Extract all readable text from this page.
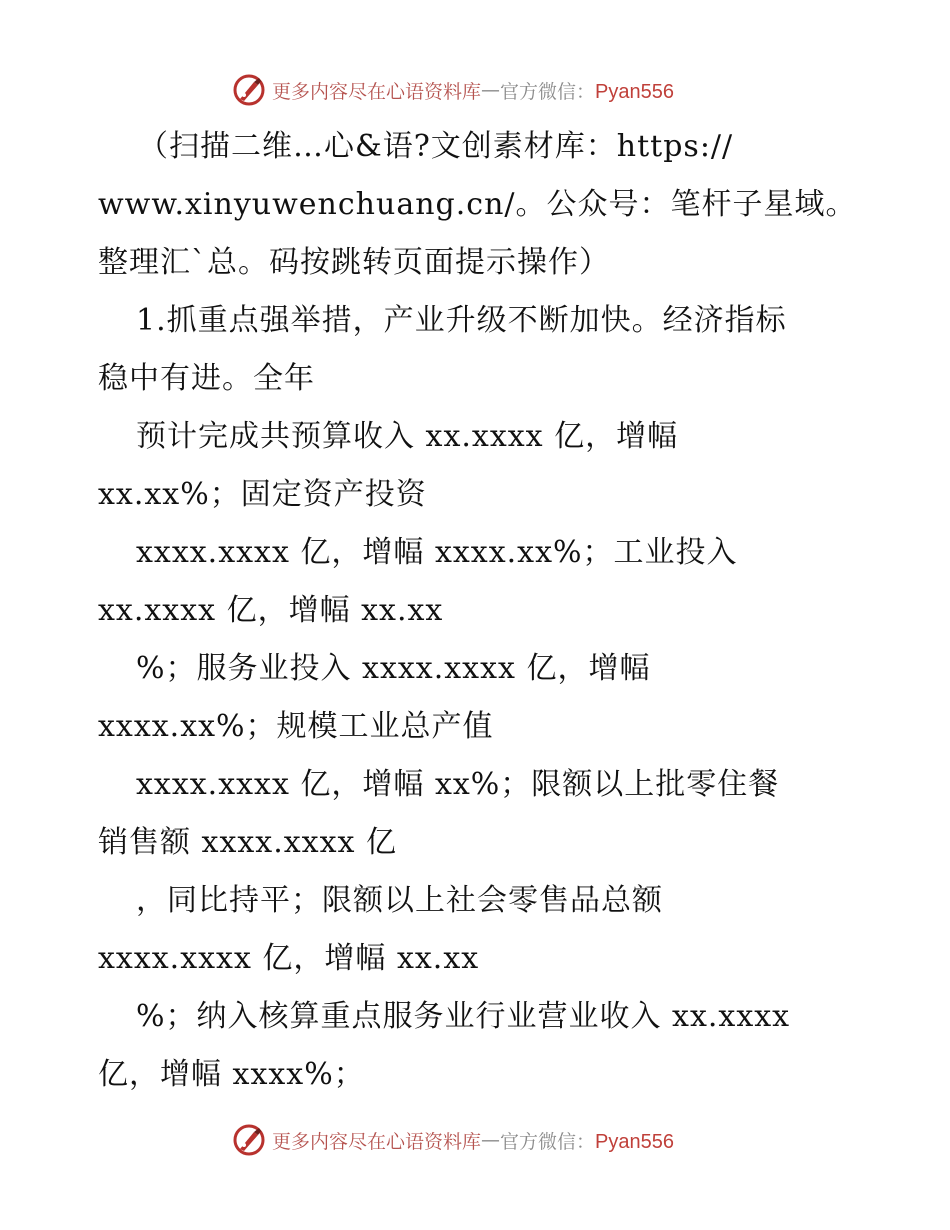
更多内容尽在心语资料库 — 官方微信：Pyan556
（扫描二维…心&语?文创素材库：https://
www.xinyuwenchuang.cn/。公众号：笔杆子星域。
整理汇`总。码按跳转页面提示操作）
1.抓重点强举措，产业升级不断加快。经济指标
稳中有进。全年
预计完成共预算收入 xx.xxxx 亿，增幅
xx.xx%；固定资产投资
xxxx.xxxx 亿，增幅 xxxx.xx%；工业投入
xx.xxxx 亿，增幅 xx.xx
%；服务业投入 xxxx.xxxx 亿，增幅
xxxx.xx%；规模工业总产值
xxxx.xxxx 亿，增幅 xx%；限额以上批零住餐
销售额 xxxx.xxxx 亿
，同比持平；限额以上社会零售品总额
xxxx.xxxx 亿，增幅 xx.xx
%；纳入核算重点服务业行业营业收入 xx.xxxx
亿，增幅 xxxx%；
更多内容尽在心语资料库 — 官方微信：Pyan556
